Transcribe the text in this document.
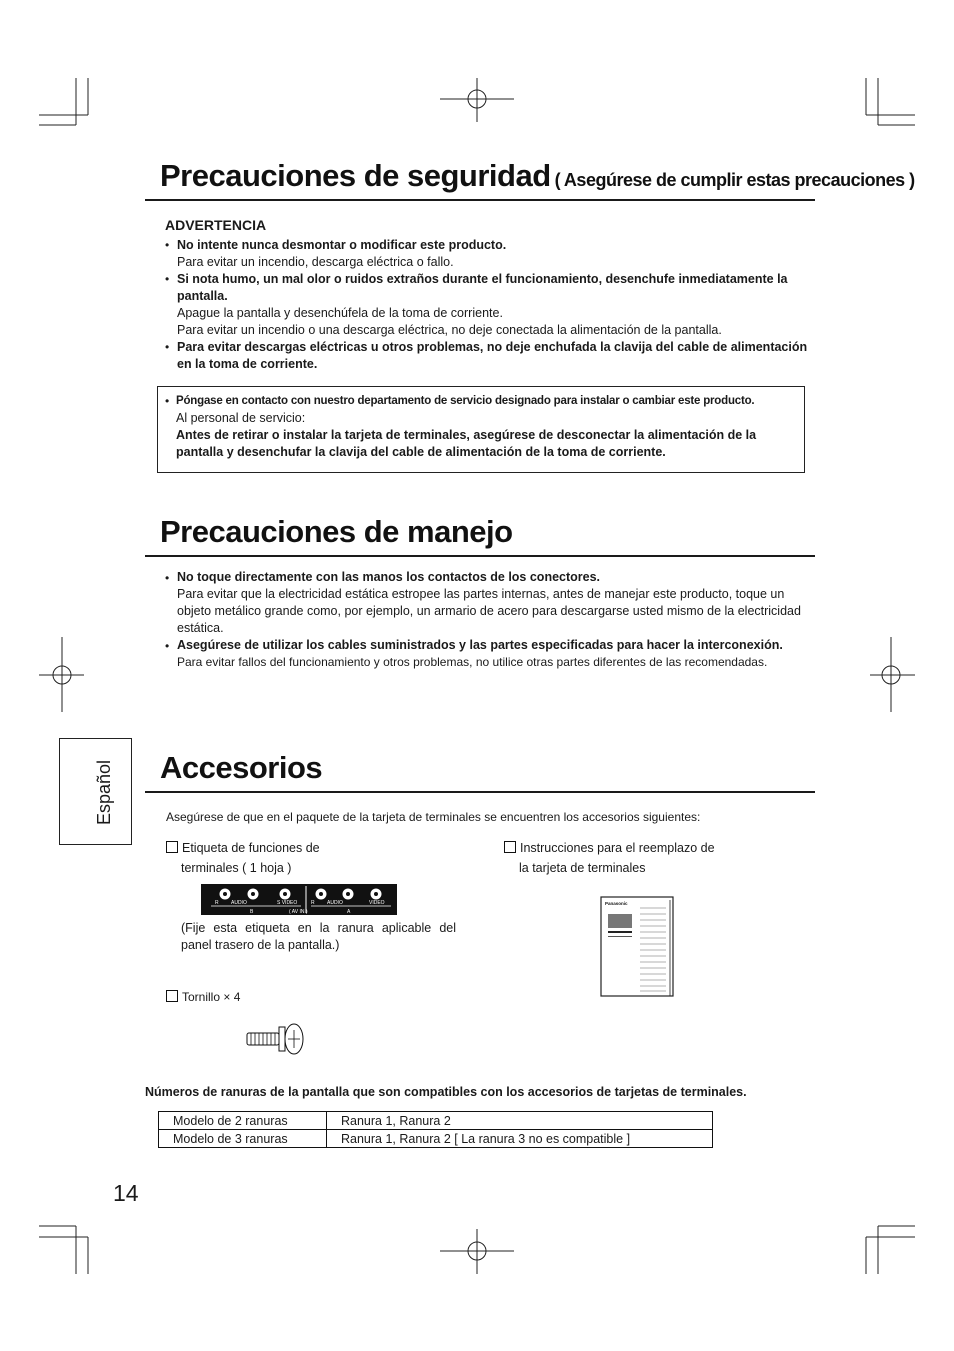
Precauciones de seguridad ( Asegúrese de cumplir estas precauciones )
ADVERTENCIA
• No intente nunca desmontar o modificar este producto.
Para evitar un incendio, descarga eléctrica o fallo.
• Si nota humo, un mal olor o ruidos extraños durante el funcionamiento, desenchufe inmediatamente la pantalla.
Apague la pantalla y desenchúfela de la toma de corriente.
Para evitar un incendio o una descarga eléctrica, no deje conectada la alimentación de la pantalla.
• Para evitar descargas eléctricas u otros problemas, no deje enchufada la clavija del cable de alimentación en la toma de corriente.
• Póngase en contacto con nuestro departamento de servicio designado para instalar o cambiar este producto.
Al personal de servicio:
Antes de retirar o instalar la tarjeta de terminales, asegúrese de desconectar la alimentación de la pantalla y desenchufar la clavija del cable de alimentación de la toma de corriente.
Precauciones de manejo
• No toque directamente con las manos los contactos de los conectores.
Para evitar que la electricidad estática estropee las partes internas, antes de manejar este producto, toque un objeto metálico grande como, por ejemplo, un armario de acero para descargarse usted mismo de la electricidad estática.
• Asegúrese de utilizar los cables suministrados y las partes especificadas para hacer la interconexión.
Para evitar fallos del funcionamiento y otros problemas, no utilice otras partes diferentes de las recomendadas.
Español Accesorios
Asegúrese de que en el paquete de la tarjeta de terminales se encuentren los accesorios siguientes:
Etiqueta de funciones de
terminales ( 1 hoja )
R AUDIO	S VIDEO	R AUDIO	VIDEO
B	( AV IN )	A
(Fije esta etiqueta en la ranura aplicable del panel trasero de la pantalla.)
Instrucciones para el reemplazo de
la tarjeta de terminales
Panasonic
Tornillo × 4
Números de ranuras de la pantalla que son compatibles con los accesorios de tarjetas de terminales.
Modelo de 2 ranuras	Ranura 1, Ranura 2
Modelo de 3 ranuras	Ranura 1, Ranura 2 [ La ranura 3 no es compatible ]
14
